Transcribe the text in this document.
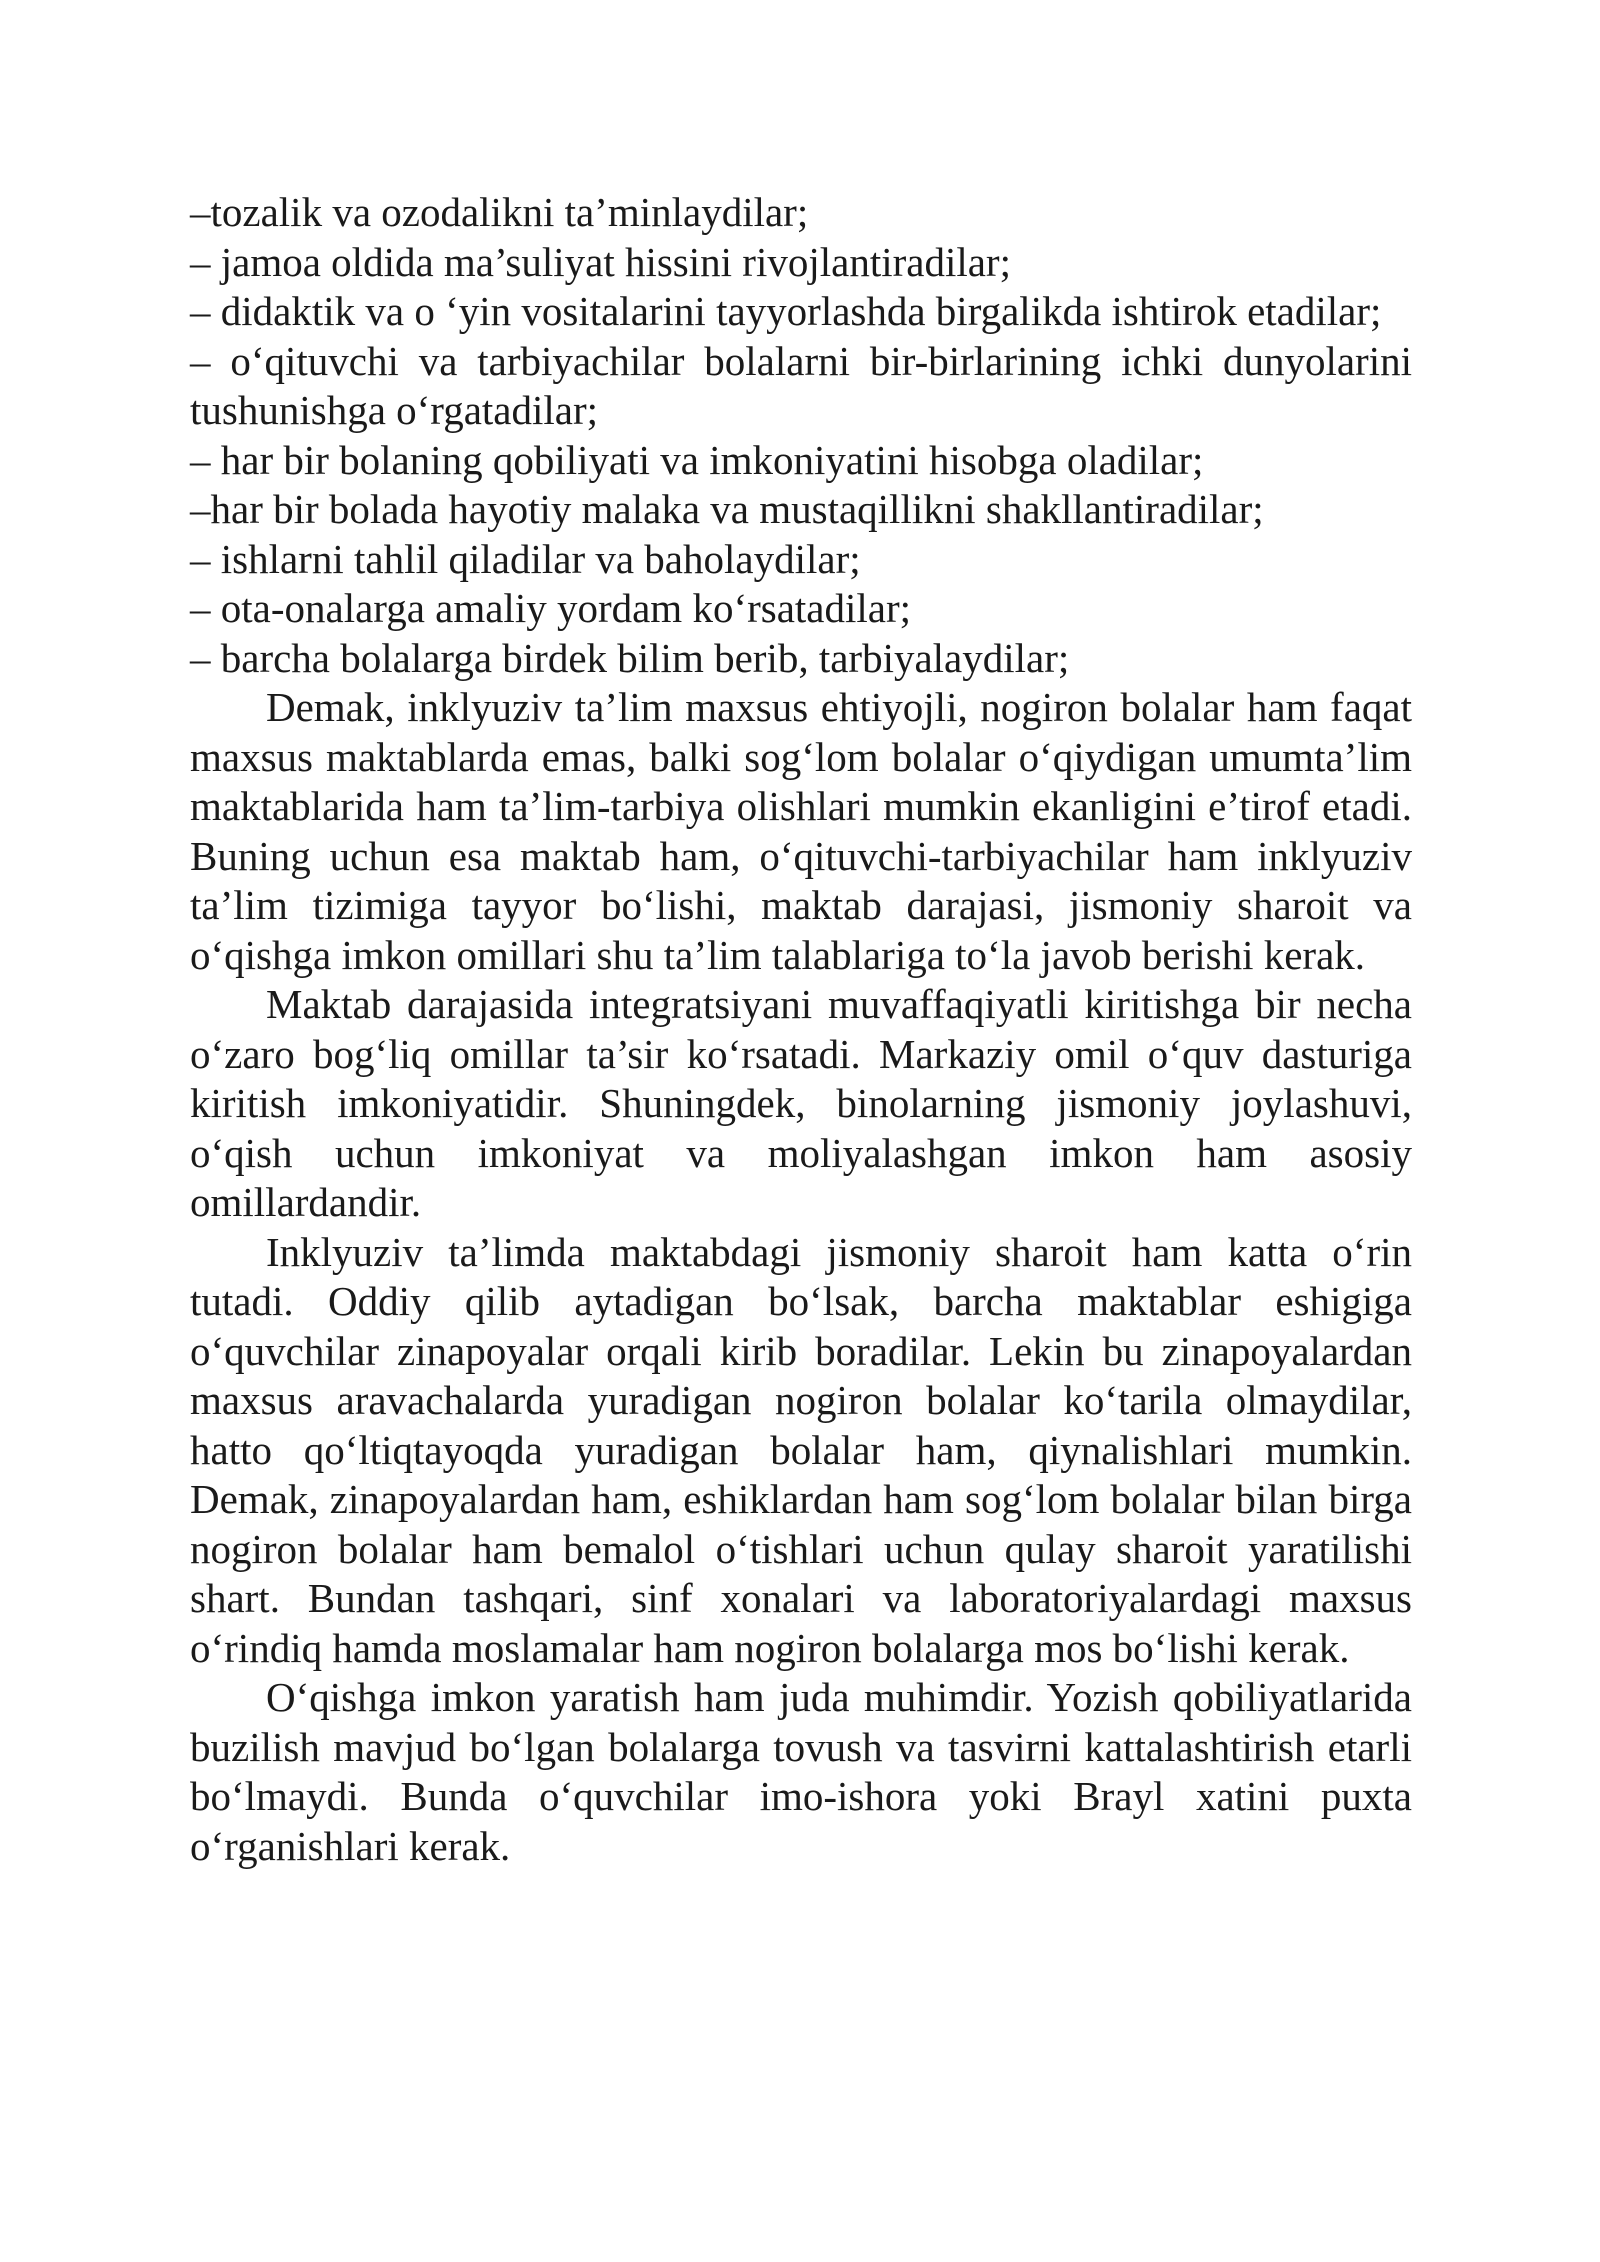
–tozalik va ozodalikni ta’minlaydilar;

– jamoa oldida ma’suliyat hissini rivojlantiradilar;

– didaktik va o ‘yin vositalarini tayyorlashda birgalikda ishtirok etadilar;

– o‘qituvchi va tarbiyachilar bolalarni bir-birlarining ichki dunyolarini tushunishga o‘rgatadilar;

– har bir bolaning qobiliyati va imkoniyatini hisobga oladilar;

–har bir bolada hayotiy malaka va mustaqillikni shakllantiradilar;

– ishlarni tahlil qiladilar va baholaydilar;

– ota-onalarga amaliy yordam ko‘rsatadilar;

– barcha bolalarga birdek bilim berib, tarbiyalaydilar;

Demak, inklyuziv ta’lim maxsus ehtiyojli, nogiron bolalar ham faqat maxsus maktablarda emas, balki sog‘lom bolalar o‘qiydigan umumta’lim maktablarida ham ta’lim-tarbiya olishlari mumkin ekanligini e’tirof etadi. Buning uchun esa maktab ham, o‘qituvchi-tarbiyachilar ham inklyuziv ta’lim tizimiga tayyor bo‘lishi, maktab darajasi, jismoniy sharoit va o‘qishga imkon omillari shu ta’lim talablariga to‘la javob berishi kerak.

Maktab darajasida integratsiyani muvaffaqiyatli kiritishga bir necha o‘zaro bog‘liq omillar ta’sir ko‘rsatadi. Markaziy omil o‘quv dasturiga kiritish imkoniyatidir. Shuningdek, binolarning jismoniy joylashuvi, o‘qish uchun imkoniyat va moliyalashgan imkon ham asosiy omillardandir.

Inklyuziv ta’limda maktabdagi jismoniy sharoit ham katta o‘rin tutadi. Oddiy qilib aytadigan bo‘lsak, barcha maktablar eshigiga o‘quvchilar zinapoyalar orqali kirib boradilar. Lekin bu zinapoyalardan maxsus aravachalarda yuradigan nogiron bolalar ko‘tarila olmaydilar, hatto qo‘ltiqtayoqda yuradigan bolalar ham, qiynalishlari mumkin. Demak, zinapoyalardan ham, eshiklardan ham sog‘lom bolalar bilan birga nogiron bolalar ham bemalol o‘tishlari uchun qulay sharoit yaratilishi shart. Bundan tashqari, sinf xonalari va laboratoriyalardagi maxsus o‘rindiq hamda moslamalar ham nogiron bolalarga mos bo‘lishi kerak.

O‘qishga imkon yaratish ham juda muhimdir. Yozish qobiliyatlarida buzilish mavjud bo‘lgan bolalarga tovush va tasvirni kattalashtirish etarli bo‘lmaydi. Bunda o‘quvchilar imo-ishora yoki Brayl xatini puxta o‘rganishlari kerak.
